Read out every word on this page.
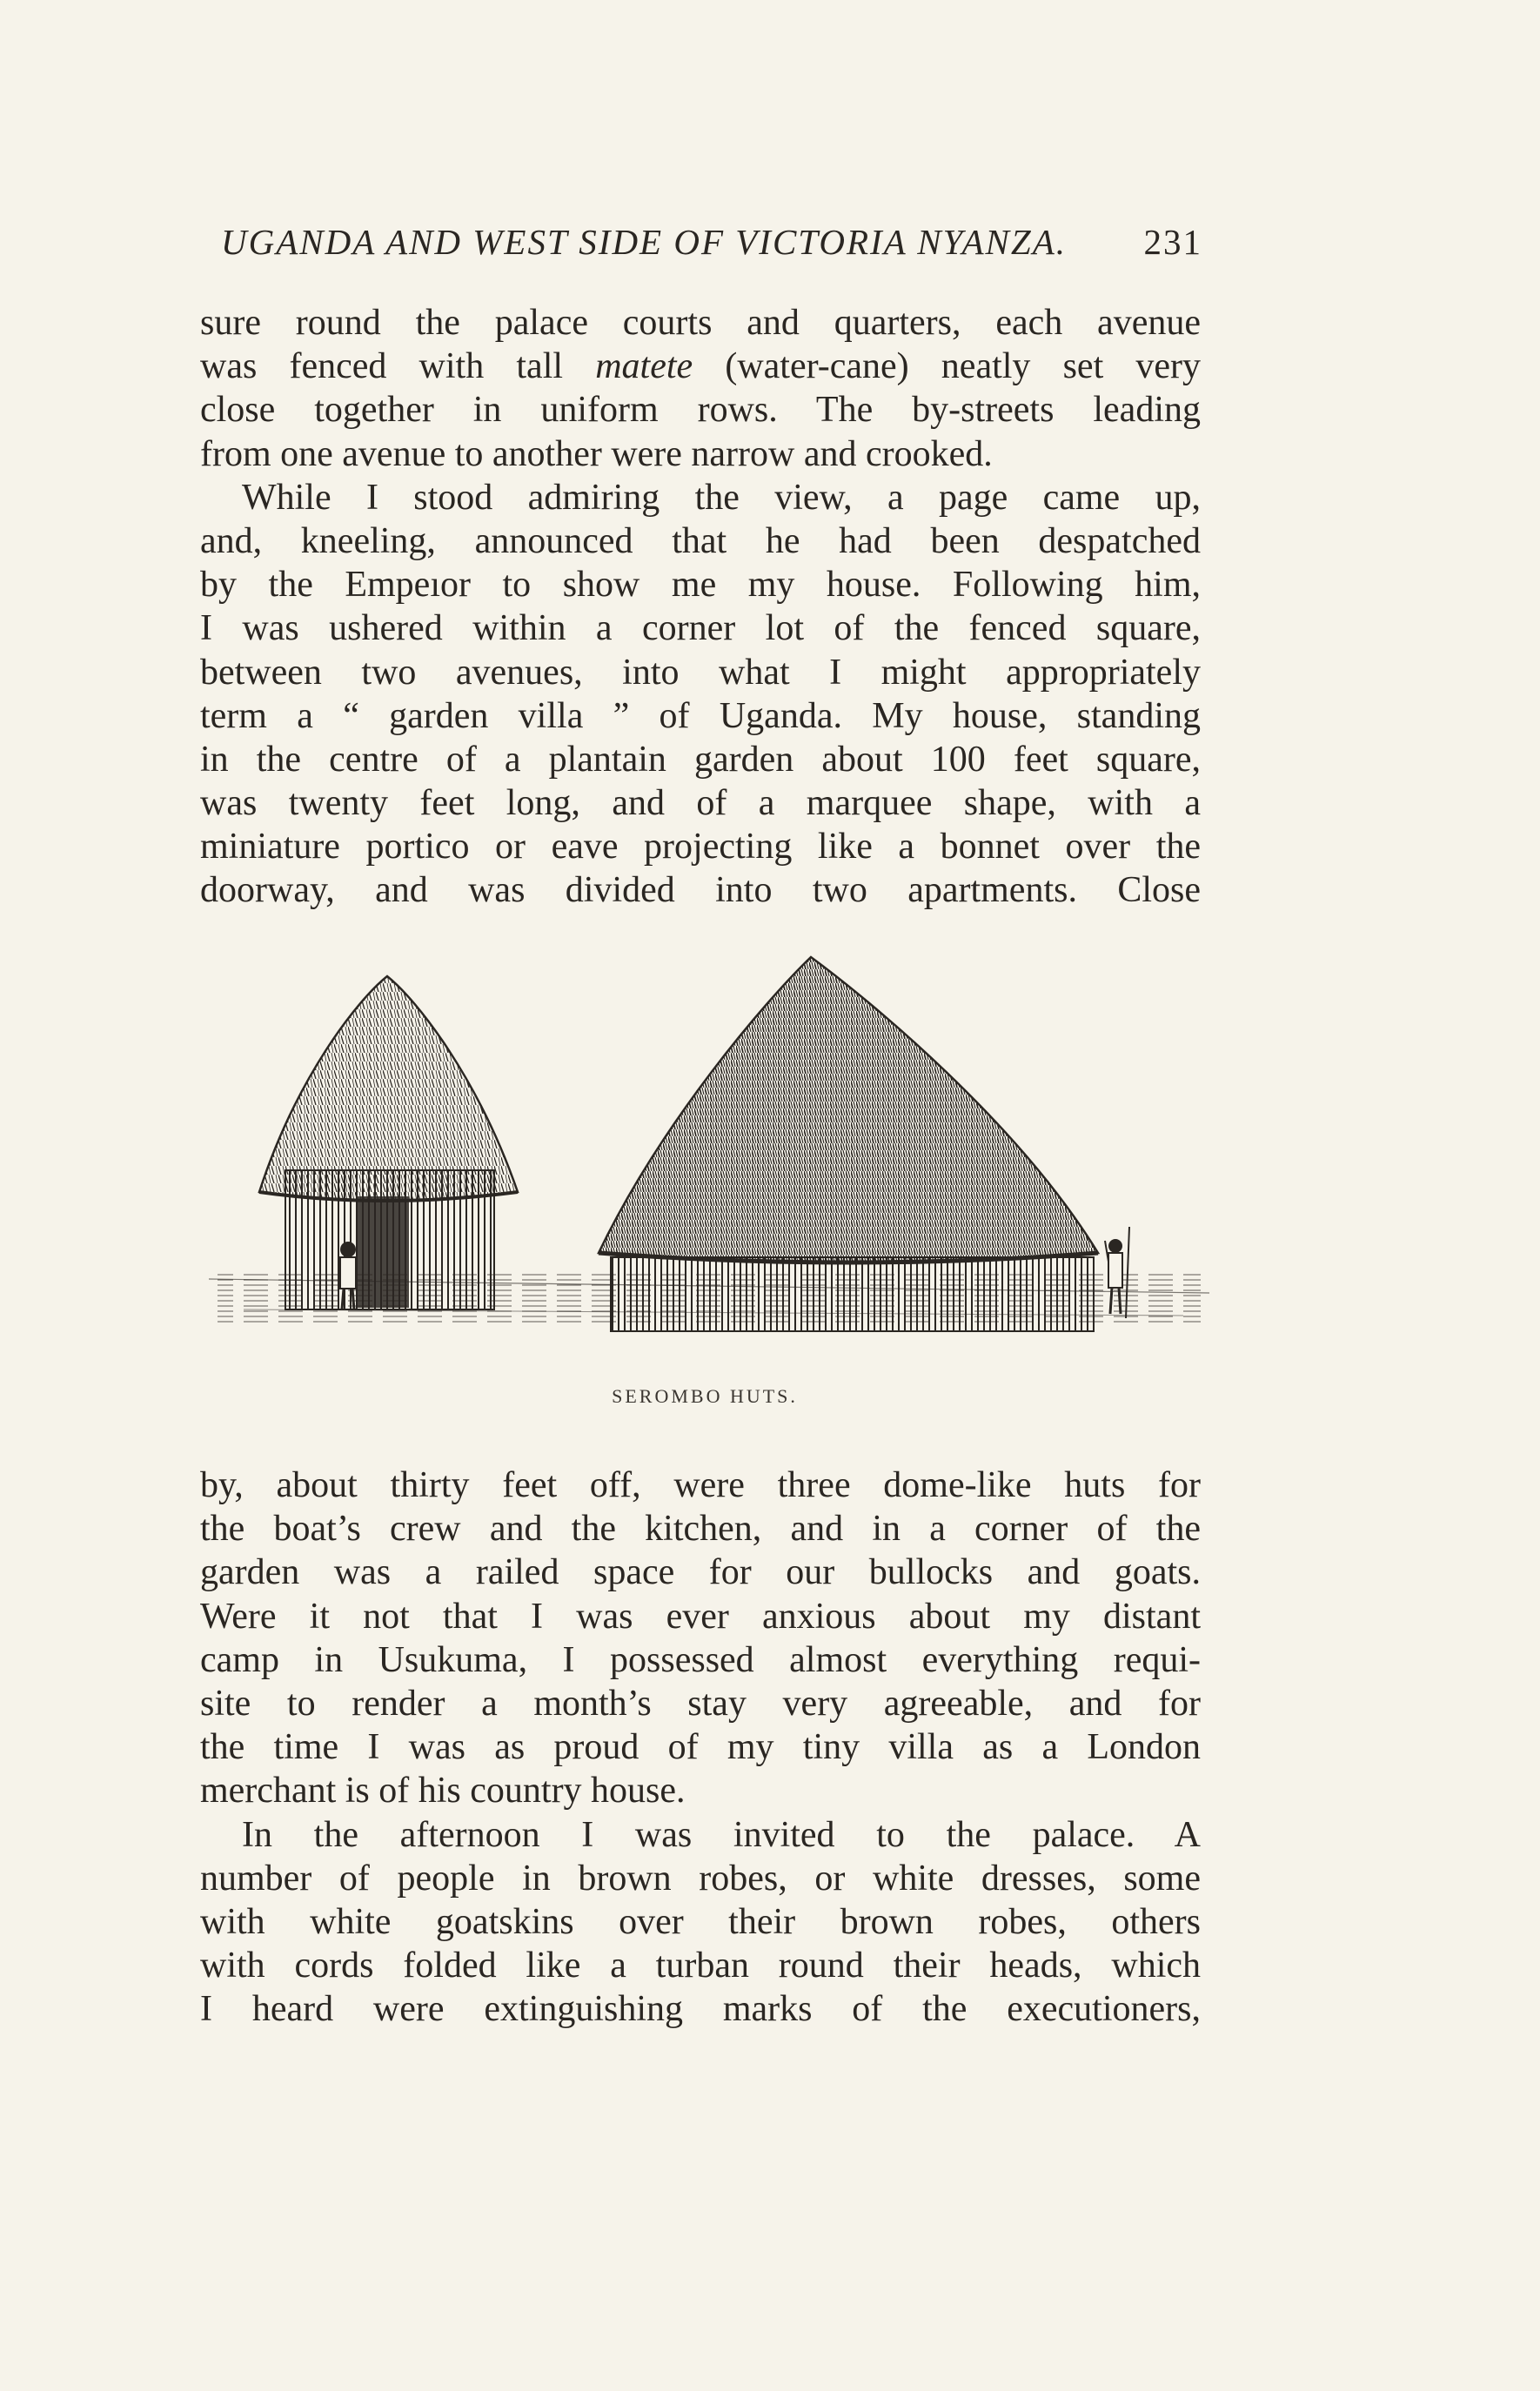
UGANDA AND WEST SIDE OF VICTORIA NYANZA. 231
sure round the palace courts and quarters, each avenue
was fenced with tall matete (water-cane) neatly set very
close together in uniform rows. The by-streets leading
from one avenue to another were narrow and crooked.
While I stood admiring the view, a page came up,
and, kneeling, announced that he had been despatched
by the Empeıor to show me my house. Following him,
I was ushered within a corner lot of the fenced square,
between two avenues, into what I might appropriately
term a “ garden villa ” of Uganda. My house, standing
in the centre of a plantain garden about 100 feet square,
was twenty feet long, and of a marquee shape, with a
miniature portico or eave projecting like a bonnet over the
doorway, and was divided into two apartments. Close
SEROMBO HUTS.
by, about thirty feet off, were three dome-like huts for
the boat’s crew and the kitchen, and in a corner of the
garden was a railed space for our bullocks and goats.
Were it not that I was ever anxious about my distant
camp in Usukuma, I possessed almost everything requi-
site to render a month’s stay very agreeable, and for
the time I was as proud of my tiny villa as a London
merchant is of his country house.
In the afternoon I was invited to the palace. A
number of people in brown robes, or white dresses, some
with white goatskins over their brown robes, others
with cords folded like a turban round their heads, which
I heard were extinguishing marks of the executioners,
